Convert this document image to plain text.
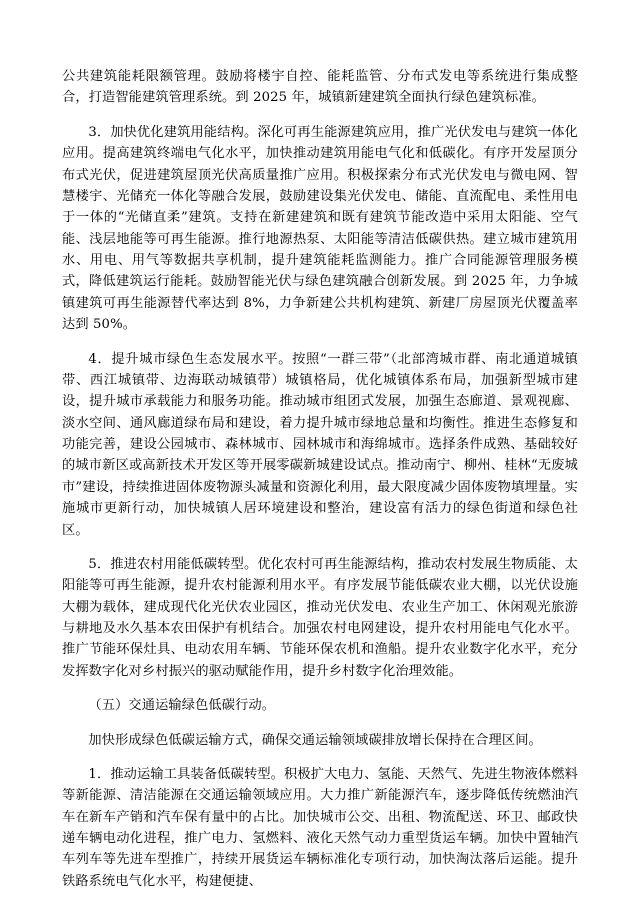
公共建筑能耗限额管理。鼓励将楼宇自控、能耗监管、分布式发电等系统进行集成整合，打造智能建筑管理系统。到 2025 年，城镇新建建筑全面执行绿色建筑标准。

3．加快优化建筑用能结构。深化可再生能源建筑应用，推广光伏发电与建筑一体化应用。提高建筑终端电气化水平，加快推动建筑用能电气化和低碳化。有序开发屋顶分布式光伏，促进建筑屋顶光伏高质量推广应用。积极探索分布式光伏发电与微电网、智慧楼宇、光储充一体化等融合发展，鼓励建设集光伏发电、储能、直流配电、柔性用电于一体的“光储直柔”建筑。支持在新建建筑和既有建筑节能改造中采用太阳能、空气能、浅层地能等可再生能源。推行地源热泵、太阳能等清洁低碳供热。建立城市建筑用水、用电、用气等数据共享机制，提升建筑能耗监测能力。推广合同能源管理服务模式，降低建筑运行能耗。鼓励智能光伏与绿色建筑融合创新发展。到 2025 年，力争城镇建筑可再生能源替代率达到 8%，力争新建公共机构建筑、新建厂房屋顶光伏覆盖率达到 50%。

4．提升城市绿色生态发展水平。按照“一群三带”（北部湾城市群、南北通道城镇带、西江城镇带、边海联动城镇带）城镇格局，优化城镇体系布局，加强新型城市建设，提升城市承载能力和服务功能。推动城市组团式发展，加强生态廊道、景观视廊、淡水空间、通风廊道绿布局和建设，着力提升城市绿地总量和均衡性。推进生态修复和功能完善，建设公园城市、森林城市、园林城市和海绵城市。选择条件成熟、基础较好的城市新区或高新技术开发区等开展零碳新城建设试点。推动南宁、柳州、桂林“无废城市”建设，持续推进固体废物源头减量和资源化利用，最大限度减少固体废物填埋量。实施城市更新行动，加快城镇人居环境建设和整治，建设富有活力的绿色街道和绿色社区。

5．推进农村用能低碳转型。优化农村可再生能源结构，推动农村发展生物质能、太阳能等可再生能源，提升农村能源利用水平。有序发展节能低碳农业大棚，以光伏设施大棚为载体，建成现代化光伏农业园区，推动光伏发电、农业生产加工、休闲观光旅游与耕地及水久基本农田保护有机结合。加强农村电网建设，提升农村用能电气化水平。推广节能环保灶具、电动农用车辆、节能环保农机和渔船。提升农业数字化水平，充分发挥数字化对乡村振兴的驱动赋能作用，提升乡村数字化治理效能。

（五）交通运输绿色低碳行动。

加快形成绿色低碳运输方式，确保交通运输领域碳排放增长保持在合理区间。

1．推动运输工具装备低碳转型。积极扩大电力、氢能、天然气、先进生物液体燃料等新能源、清洁能源在交通运输领域应用。大力推广新能源汽车，逐步降低传统燃油汽车在新车产销和汽车保有量中的占比。加快城市公交、出租、物流配送、环卫、邮政快递车辆电动化进程，推广电力、氢燃料、液化天然气动力重型货运车辆。加快中置轴汽车列车等先进车型推广，持续开展货运车辆标准化专项行动，加快淘汰落后运能。提升铁路系统电气化水平，构建便捷、
